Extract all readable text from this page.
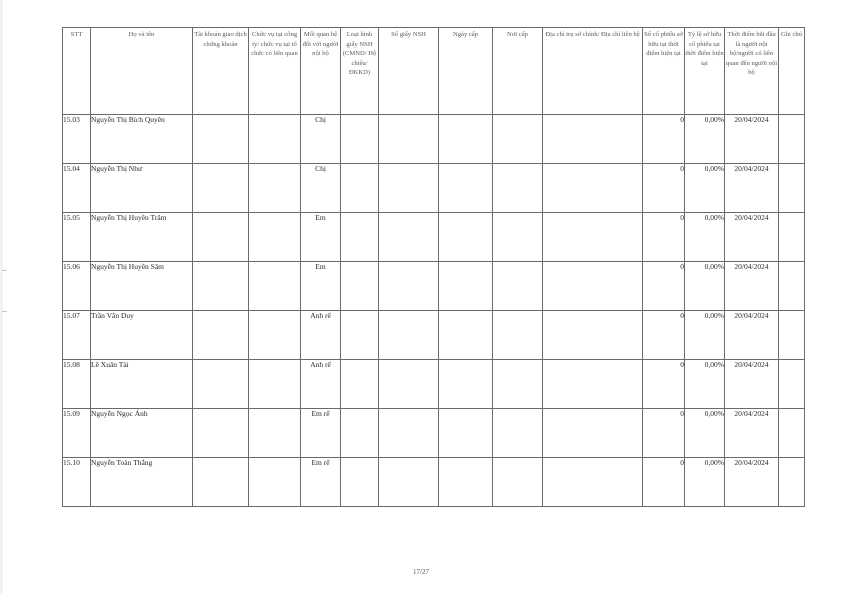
STT	Họ và tên	Tài khoản giao dịch chứng khoán	Chức vụ tại công ty/ chức vụ tại tổ chức có liên quan	Mối quan hệ đối với người nội bộ	Loại hình giấy NSH (CMND/ Hộ chiếu/ ĐKKD)	Số giấy NSH	Ngày cấp	Nơi cấp	Địa chỉ trụ sở chính/ Địa chỉ liên hệ	Số cổ phiếu sở hữu tại thời điểm hiện tại	Tỷ lệ sở hữu cổ phiếu tại thời điểm hiện tại	Thời điểm bắt đầu là người nội bộ/người có liên quan đến người nội bộ	Ghi chú
15.03	Nguyễn Thị Bích Quyên			Chị						0	0,00%	20/04/2024	
15.04	Nguyễn Thị Như			Chị						0	0,00%	20/04/2024	
15.05	Nguyễn Thị Huyền Trâm			Em						0	0,00%	20/04/2024	
15.06	Nguyễn Thị Huyền Sâm			Em						0	0,00%	20/04/2024	
15.07	Trần Văn Duy			Anh rể						0	0,00%	20/04/2024	
15.08	Lê Xuân Tài			Anh rể						0	0,00%	20/04/2024	
15.09	Nguyễn Ngọc Ánh			Em rể						0	0,00%	20/04/2024	
15.10	Nguyễn Toàn Thắng			Em rể						0	0,00%	20/04/2024	
17/27
